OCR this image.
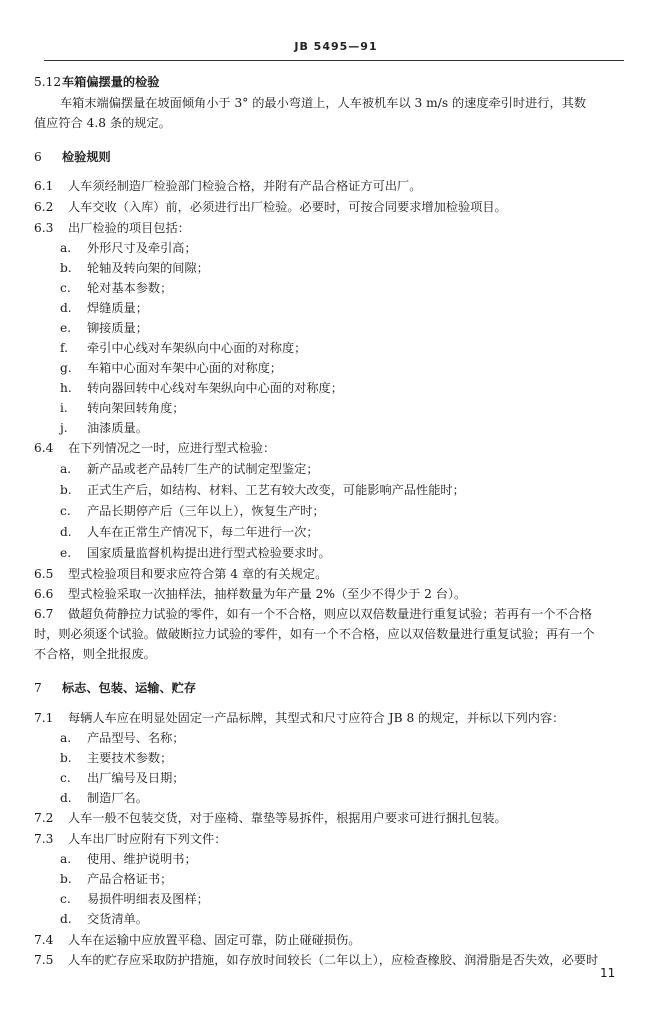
JB 5495—91
5.12车箱偏摆量的检验
车箱末端偏摆量在坡面倾角小于 3° 的最小弯道上，人车被机车以 3 m/s 的速度牵引时进行，其数
值应符合 4.8 条的规定。
6 检验规则
6.1 人车须经制造厂检验部门检验合格，并附有产品合格证方可出厂。
6.2 人车交收（入库）前，必须进行出厂检验。必要时，可按合同要求增加检验项目。
6.3 出厂检验的项目包括：
a. 外形尺寸及牵引高；
b. 轮轴及转向架的间隙；
c. 轮对基本参数；
d. 焊缝质量；
e. 铆接质量；
f. 牵引中心线对车架纵向中心面的对称度；
g. 车箱中心面对车架中心面的对称度；
h. 转向器回转中心线对车架纵向中心面的对称度；
i. 转向架回转角度；
j. 油漆质量。
6.4 在下列情况之一时，应进行型式检验：
a. 新产品或老产品转厂生产的试制定型鉴定；
b. 正式生产后，如结构、材料、工艺有较大改变，可能影响产品性能时；
c. 产品长期停产后（三年以上），恢复生产时；
d. 人车在正常生产情况下，每二年进行一次；
e. 国家质量监督机构提出进行型式检验要求时。
6.5 型式检验项目和要求应符合第 4 章的有关规定。
6.6 型式检验采取一次抽样法，抽样数量为年产量 2%（至少不得少于 2 台）。
6.7 做超负荷静拉力试验的零件，如有一个不合格，则应以双倍数量进行重复试验；若再有一个不合格
时，则必须逐个试验。做破断拉力试验的零件，如有一个不合格，应以双倍数量进行重复试验；再有一个
不合格，则全批报废。
7 标志、包装、运输、贮存
7.1 每辆人车应在明显处固定一产品标牌，其型式和尺寸应符合 JB 8 的规定，并标以下列内容：
a. 产品型号、名称；
b. 主要技术参数；
c. 出厂编号及日期；
d. 制造厂名。
7.2 人车一般不包装交货，对于座椅、靠垫等易拆件，根据用户要求可进行捆扎包装。
7.3 人车出厂时应附有下列文件：
a. 使用、维护说明书；
b. 产品合格证书；
c. 易损件明细表及图样；
d. 交货清单。
7.4 人车在运输中应放置平稳、固定可靠，防止碰碰损伤。
7.5 人车的贮存应采取防护措施，如存放时间较长（二年以上），应检查橡胶、润滑脂是否失效，必要时
11
